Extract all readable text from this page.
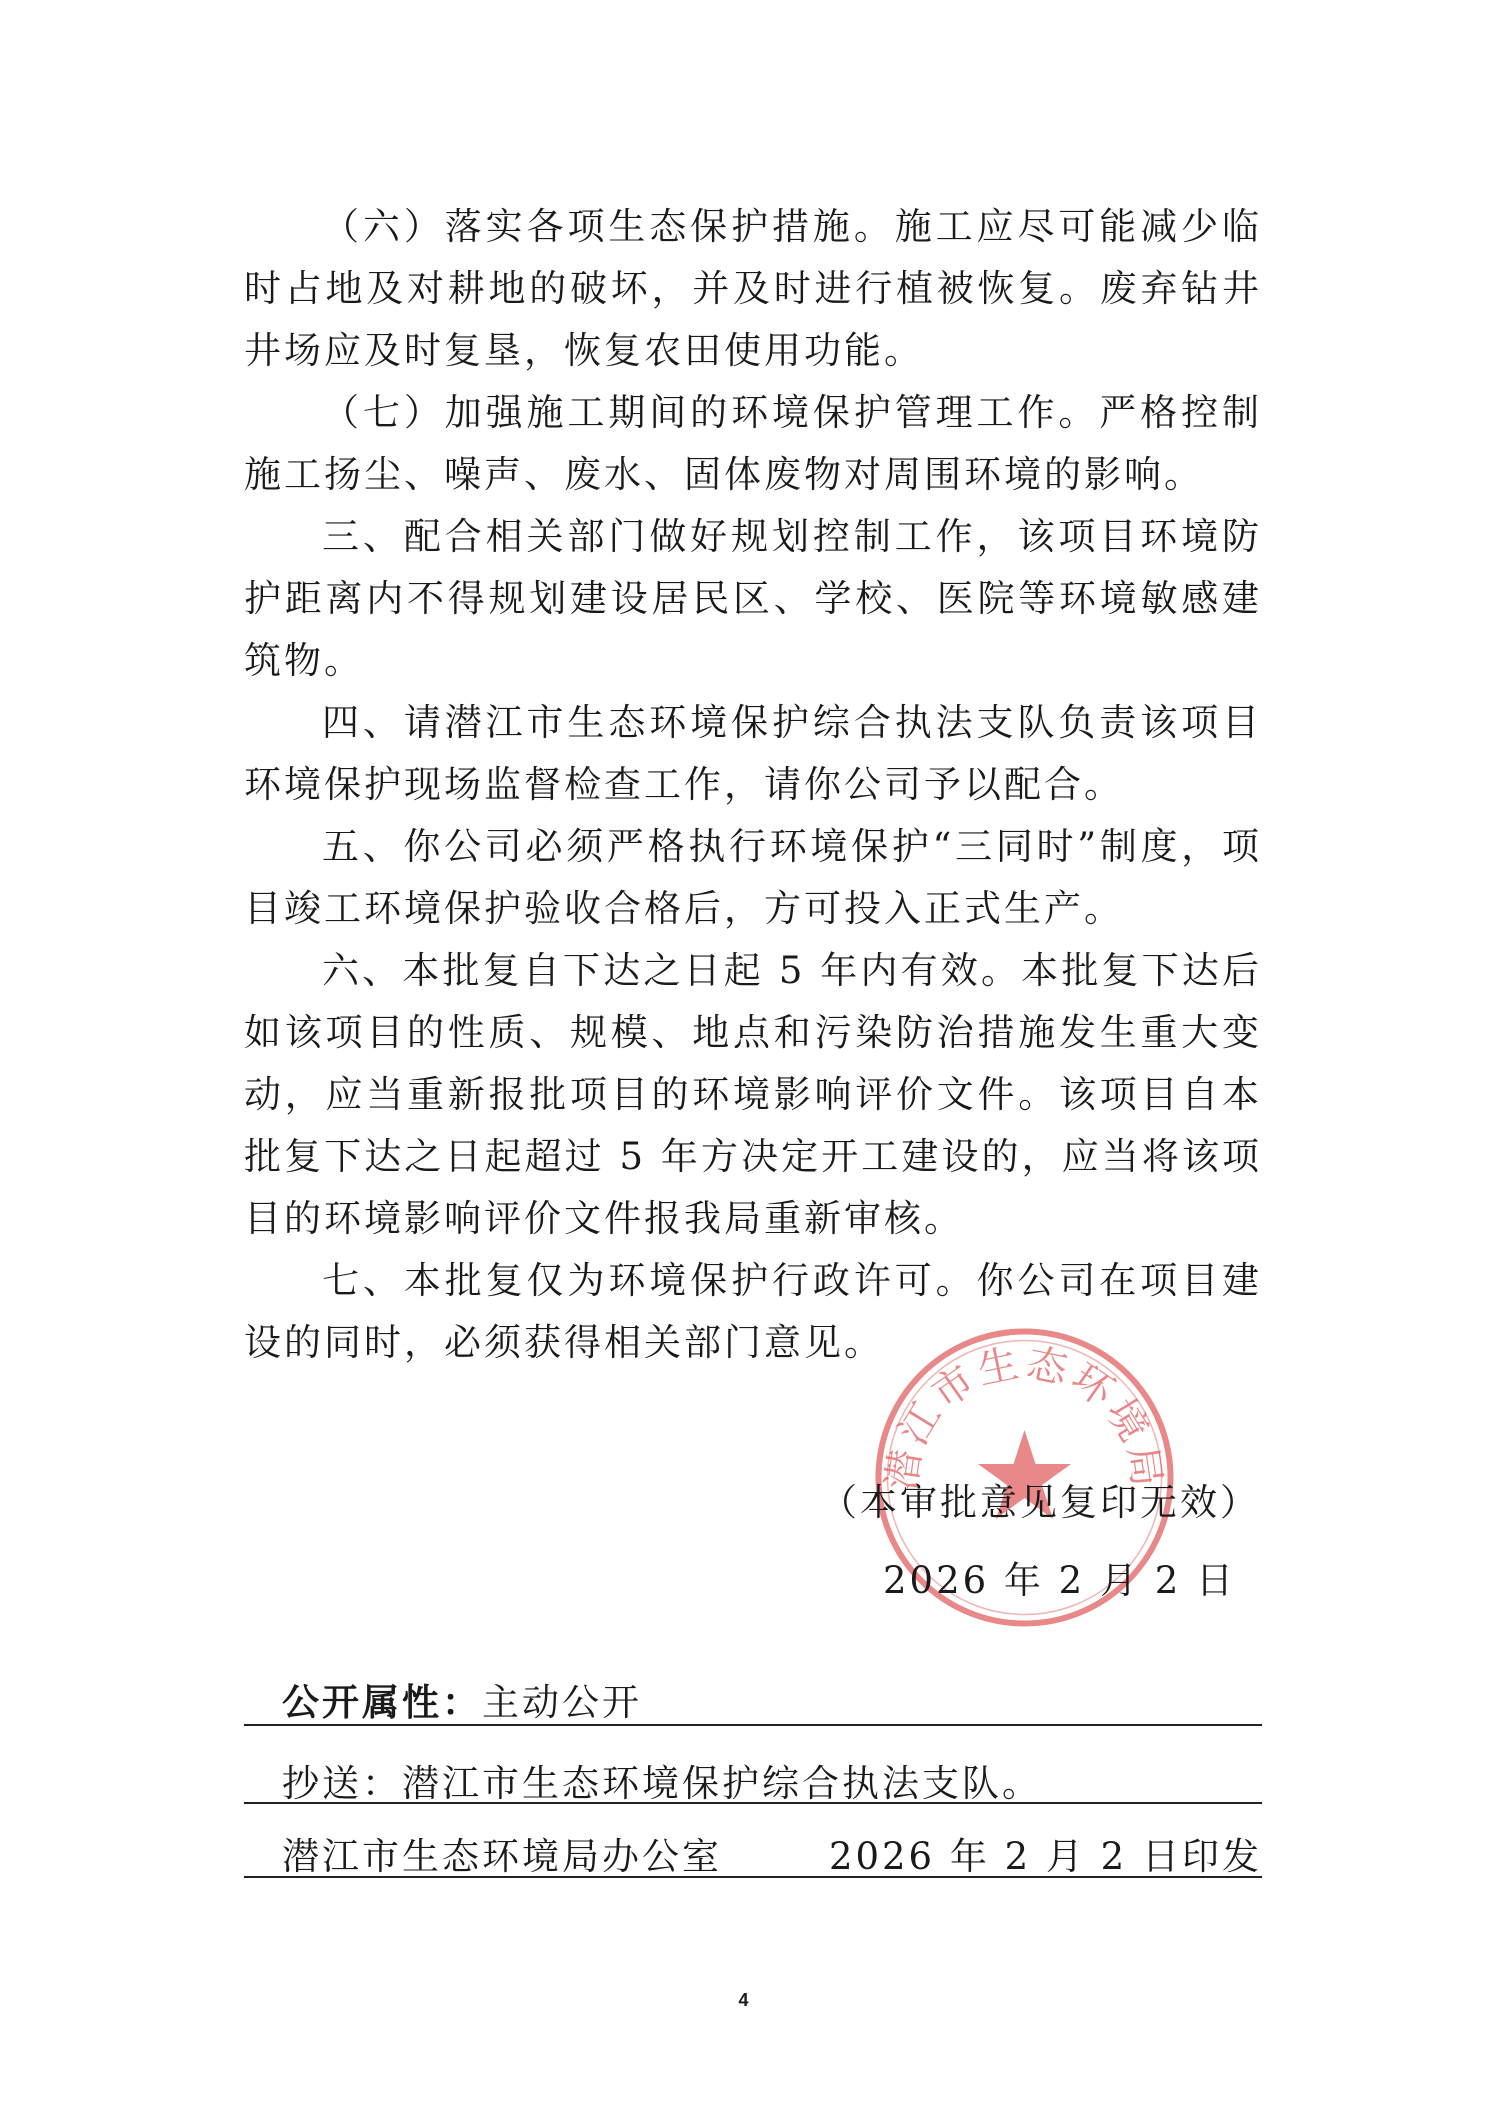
（六）落实各项生态保护措施。施工应尽可能减少临时占地及对耕地的破坏，并及时进行植被恢复。废弃钻井井场应及时复垦，恢复农田使用功能。

（七）加强施工期间的环境保护管理工作。严格控制施工扬尘、噪声、废水、固体废物对周围环境的影响。

三、配合相关部门做好规划控制工作，该项目环境防护距离内不得规划建设居民区、学校、医院等环境敏感建筑物。

四、请潜江市生态环境保护综合执法支队负责该项目环境保护现场监督检查工作，请你公司予以配合。

五、你公司必须严格执行环境保护“三同时”制度，项目竣工环境保护验收合格后，方可投入正式生产。

六、本批复自下达之日起 5 年内有效。本批复下达后如该项目的性质、规模、地点和污染防治措施发生重大变动，应当重新报批项目的环境影响评价文件。该项目自本批复下达之日起超过 5 年方决定开工建设的，应当将该项目的环境影响评价文件报我局重新审核。

七、本批复仅为环境保护行政许可。你公司在项目建设的同时，必须获得相关部门意见。

潜江市生态环境局
（本审批意见复印无效）
2026 年 2 月 2 日
公开属性：主动公开
抄送：潜江市生态环境保护综合执法支队。
潜江市生态环境局办公室	2026 年 2 月 2 日印发
4
